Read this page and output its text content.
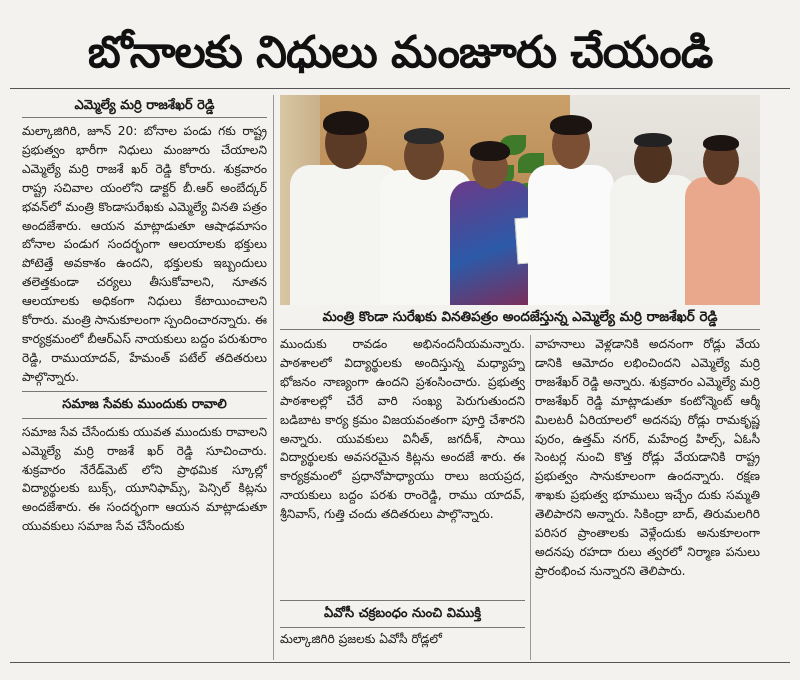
బోనాలకు నిధులు మంజూరు చేయండి
ఎమ్మెల్యే మర్రి రాజశేఖర్ రెడ్డి

మల్కాజిగిరి, జూన్ 20: బోనాల పండు గకు రాష్ట్ర ప్రభుత్వం భారీగా నిధులు మంజూరు చేయాలని ఎమ్మెల్యే మర్రి రాజశే ఖర్ రెడ్డి కోరారు. శుక్రవారం రాష్ట్ర సచివాల యంలోని డాక్టర్ బీ.ఆర్ అంబేద్కర్ భవన్‌లో మంత్రి కొండాసురేఖకు ఎమ్మెల్యే వినతి పత్రం అందజేశారు. ఆయన మాట్లాడుతూ ఆషాఢమాసం బోనాల పండుగ సందర్భంగా ఆలయాలకు భక్తులు పోటెత్తే అవకాశం ఉందని, భక్తులకు ఇబ్బందులు తలెత్తకుండా చర్యలు తీసుకోవాలని, నూతన ఆలయాలకు అధికంగా నిధులు కేటాయించాలని కోరారు. మంత్రి సానుకూలంగా స్పందించారన్నారు. ఈ కార్యక్రమంలో బీఆర్ఎస్ నాయకులు బద్దం పరుశురాం రెడ్డి, రాముయాదవ్, హేమంత్ పటేల్ తదితరులు పాల్గొన్నారు.

సమాజ సేవకు ముందుకు రావాలి

సమాజ సేవ చేసేందుకు యువత ముందుకు రావాలని ఎమ్మెల్యే మర్రి రాజశే ఖర్ రెడ్డి సూచించారు. శుక్రవారం నేరేడ్‌మెట్ లోని ప్రాథమిక స్కూల్లో విద్యార్థులకు బుక్స్, యూనిఫామ్స్, పెన్సిల్ కిట్లను అందజేశారు. ఈ సందర్భంగా ఆయన మాట్లాడుతూ యువకులు సమాజ సేవ చేసేందుకు

మంత్రి కొండా సురేఖకు వినతిపత్రం అందజేస్తున్న ఎమ్మెల్యే మర్రి రాజశేఖర్ రెడ్డి

ముందుకు రావడం అభినందనీయమన్నారు. పాఠశాలలో విద్యార్థులకు అందిస్తున్న మధ్యాహ్న భోజనం నాణ్యంగా ఉందని ప్రశంసించారు. ప్రభుత్వ పాఠశాలల్లో చేరే వారి సంఖ్య పెరుగుతుందని బడిబాట కార్య క్రమం విజయవంతంగా పూర్తి చేశారని అన్నారు. యువకులు వినీత్, జగదీశ్, సాయి విద్యార్థులకు అవసరమైన కిట్లను అందజే శారు. ఈ కార్యక్రమంలో ప్రధానోపాధ్యాయు రాలు జయప్రద, నాయకులు బద్దం పరశు రాంరెడ్డి, రాము యాదవ్, శ్రీనివాస్, గుత్తి చందు తదితరులు పాల్గొన్నారు.

ఏవోసీ చక్రబంధం నుంచి విముక్తి

మల్కాజిగిరి ప్రజలకు ఏవోసీ రోడ్లలో

వాహనాలు వెళ్లడానికి అదనంగా రోడ్లు వేయ డానికి ఆమోదం లభించిందని ఎమ్మెల్యే మర్రి రాజశేఖర్ రెడ్డి అన్నారు. శుక్రవారం ఎమ్మెల్యే మర్రి రాజశేఖర్ రెడ్డి మాట్లాడుతూ కంటోన్మెంట్ ఆర్మీ మిలటరీ ఏరియాలలో అదనపు రోడ్లు రామకృష్ణ పురం, ఉత్తమ్ నగర్, మహేంద్ర హిల్స్, ఏఓసీ సెంటర్ల నుంచి కొత్త రోడ్లు వేయడానికి రాష్ట్ర ప్రభుత్వం సానుకూలంగా ఉందన్నారు. రక్షణ శాఖకు ప్రభుత్వ భూములు ఇచ్చేం దుకు సమ్మతి తెలిపారని అన్నారు. సికింద్రా బాద్, తిరుమలగిరి పరిసర ప్రాంతాలకు వెళ్లేందుకు అనుకూలంగా అదనపు రహదా రులు త్వరలో నిర్మాణ పనులు ప్రారంభించ నున్నారని తెలిపారు.
